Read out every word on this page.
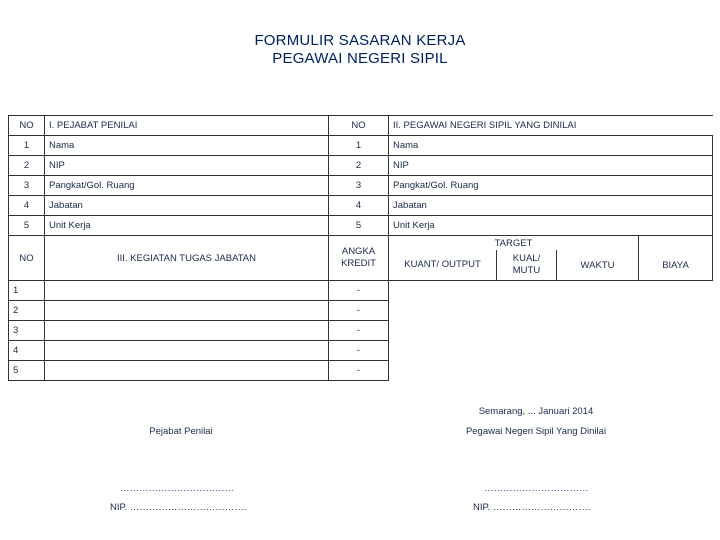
FORMULIR SASARAN KERJA
PEGAWAI NEGERI SIPIL
NO	I. PEJABAT PENILAI	NO	II. PEGAWAI NEGERI SIPIL YANG DINILAI			
1	Nama	1	Nama			
2	NIP	2	NIP			
3	Pangkat/Gol. Ruang	3	Pangkat/Gol. Ruang			
4	Jabatan	4	Jabatan			
5	Unit Kerja	5	Unit Kerja			
NO	III. KEGIATAN TUGAS JABATAN	ANGKA KREDIT	TARGET			BIAYA
			KUANT/ OUTPUT	KUAL/ MUTU	WAKTU	
1		-				
2		-				
3		-				
4		-				
5		-				
Semarang, ... Januari 2014
Pejabat Penilai	Pegawai Negeri Sipil Yang Dinilai
………………………………	……………………………
NIP. ……………………………….	NIP. ………………………….
